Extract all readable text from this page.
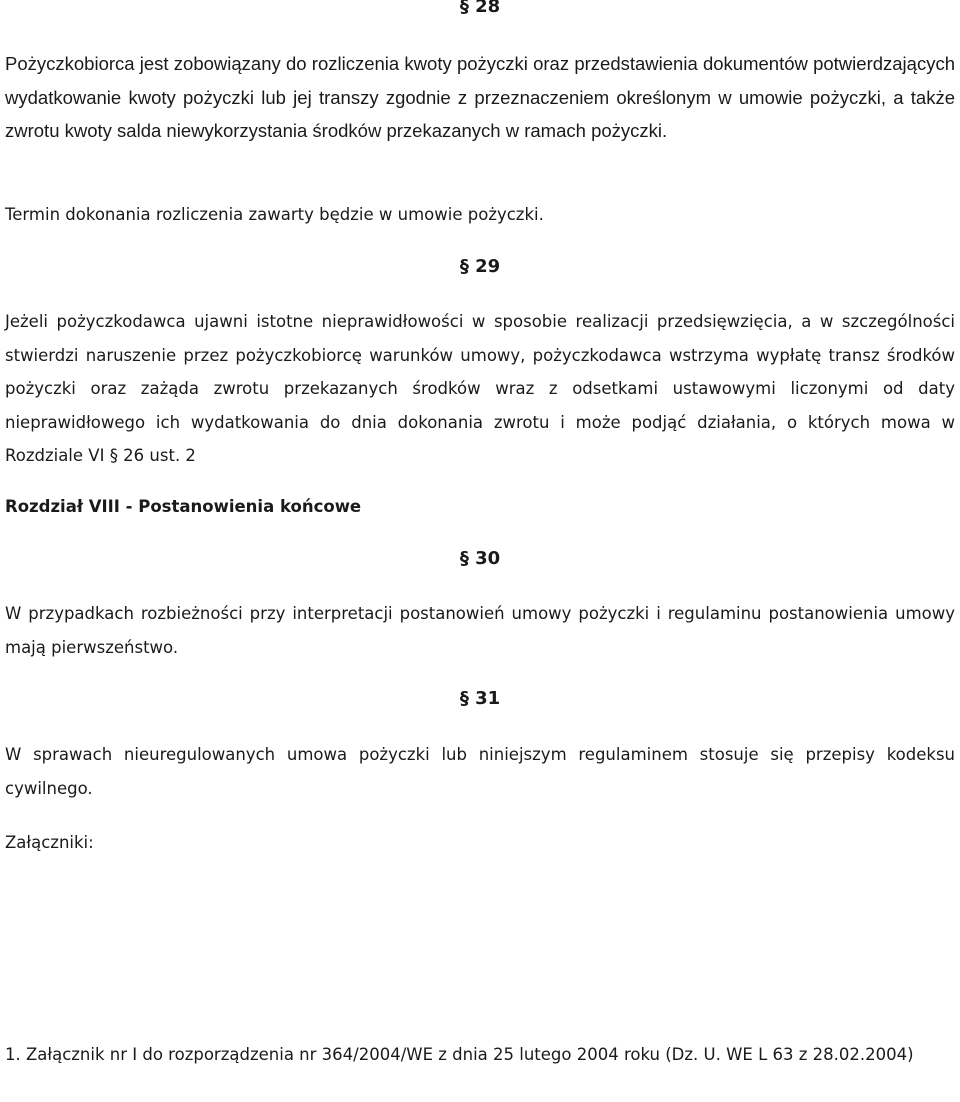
§ 28

Pożyczkobiorca jest zobowiązany do rozliczenia kwoty pożyczki oraz przedstawienia dokumentów potwierdzających wydatkowanie kwoty pożyczki lub jej transzy zgodnie z przeznaczeniem określonym w umowie pożyczki, a także zwrotu kwoty salda niewykorzystania środków przekazanych w ramach pożyczki.

Termin dokonania rozliczenia zawarty będzie w umowie pożyczki.

§ 29

Jeżeli pożyczkodawca ujawni istotne nieprawidłowości w sposobie realizacji przedsięwzięcia, a w szczególności stwierdzi naruszenie przez pożyczkobiorcę warunków umowy, pożyczkodawca wstrzyma wypłatę transz środków pożyczki oraz zażąda zwrotu przekazanych środków wraz z odsetkami ustawowymi liczonymi od daty nieprawidłowego ich wydatkowania do dnia dokonania zwrotu i może podjąć działania, o których mowa w Rozdziale VI § 26 ust. 2

Rozdział VIII - Postanowienia końcowe

§ 30

W przypadkach rozbieżności przy interpretacji postanowień umowy pożyczki i regulaminu postanowienia umowy mają pierwszeństwo.

§ 31

W sprawach nieuregulowanych umowa pożyczki lub niniejszym regulaminem stosuje się przepisy kodeksu cywilnego.

Załączniki:

1. Załącznik nr I do rozporządzenia nr 364/2004/WE z dnia 25 lutego 2004 roku (Dz. U. WE L 63 z 28.02.2004)
